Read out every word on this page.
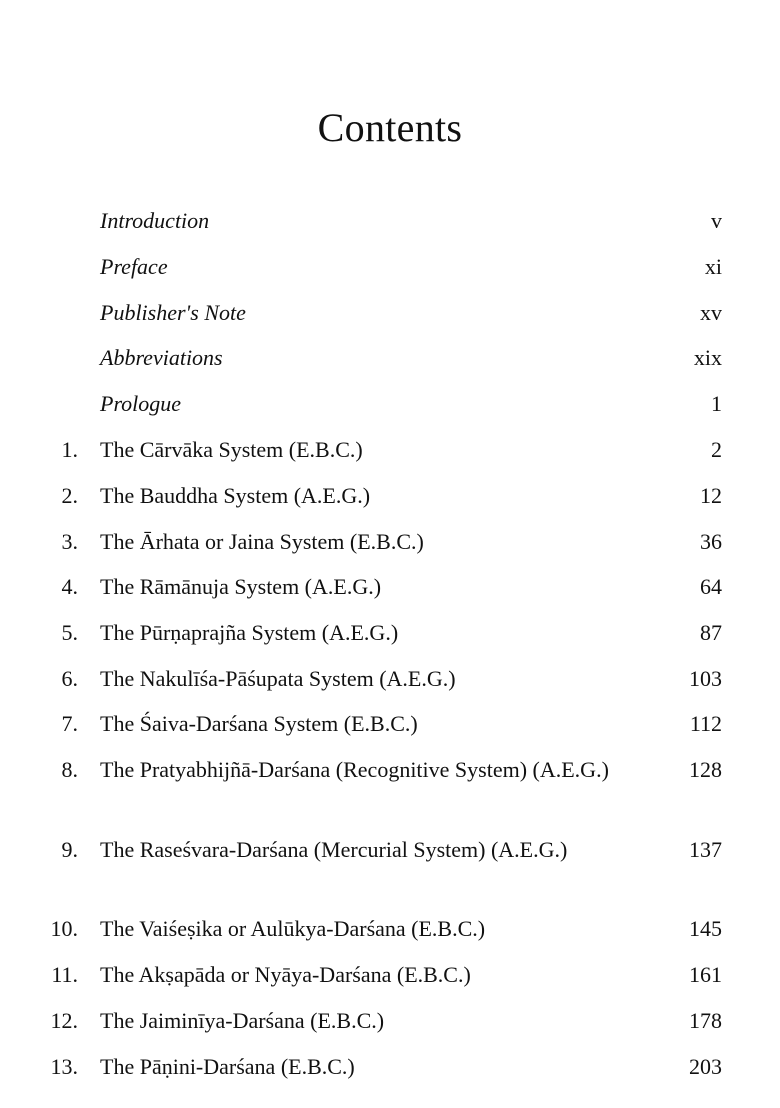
Contents
Introduction	v
Preface	xi
Publisher's Note	xv
Abbreviations	xix
Prologue	1
1. The Cārvāka System (E.B.C.)	2
2. The Bauddha System (A.E.G.)	12
3. The Ārhata or Jaina System (E.B.C.)	36
4. The Rāmānuja System (A.E.G.)	64
5. The Pūrṇaprajña System (A.E.G.)	87
6. The Nakulīśa-Pāśupata System (A.E.G.)	103
7. The Śaiva-Darśana System (E.B.C.)	112
8. The Pratyabhijñā-Darśana (Recognitive System) (A.E.G.)	128
9. The Raseśvara-Darśana (Mercurial System) (A.E.G.)	137
10. The Vaiśeṣika or Aulūkya-Darśana (E.B.C.)	145
11. The Akṣapāda or Nyāya-Darśana (E.B.C.)	161
12. The Jaiminīya-Darśana (E.B.C.)	178
13. The Pāṇini-Darśana (E.B.C.)	203
